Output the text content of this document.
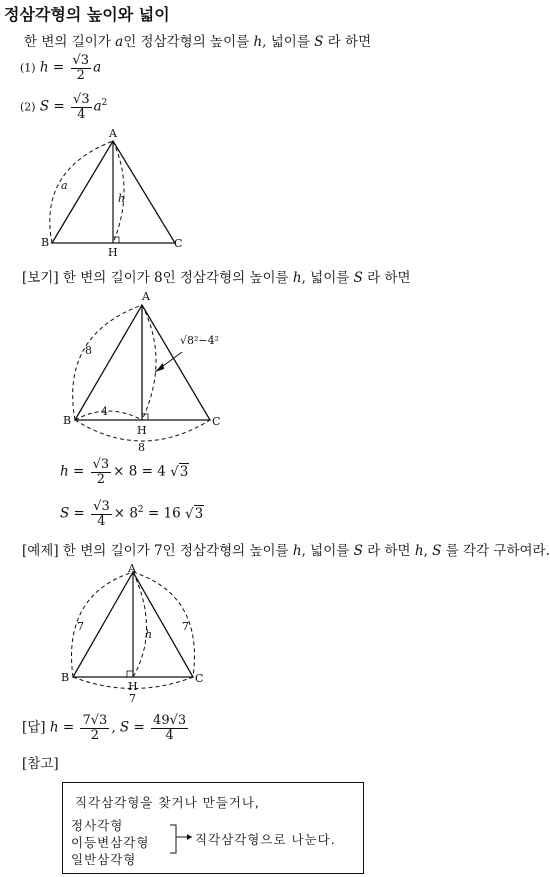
정삼각형의 높이와 넓이
한 변의 길이가 a인 정삼각형의 높이를 h, 넓이를 S 라 하면
(1) $h = \frac{√3}{2}$ a
(2) $S = \frac{√3}{4} a^2$
A
B	C
H
a
h
[보기] 한 변의 길이가 8인 정삼각형의 높이를 h, 넓이를 S 라 하면
A
B	C
H
8
4
8
√8²−4²
$h = \frac{√3}{2} \times 8 = 4$ √3
$S = \frac{√3}{4} \times 8^2 = 16$ √3
[예제] 한 변의 길이가 7인 정삼각형의 높이를 h, 넓이를 S 라 하면 h, S 를 각각 구하여라.
A
B	C
H
7	7
7
h
[답] $h = \frac{7√3}{2}$ , $S = \frac{49√3}{4}$
[참고]
직각삼각형을 찾거나 만들거나,
정사각형
이등변삼각형
일반삼각형
직각삼각형으로 나눈다.
